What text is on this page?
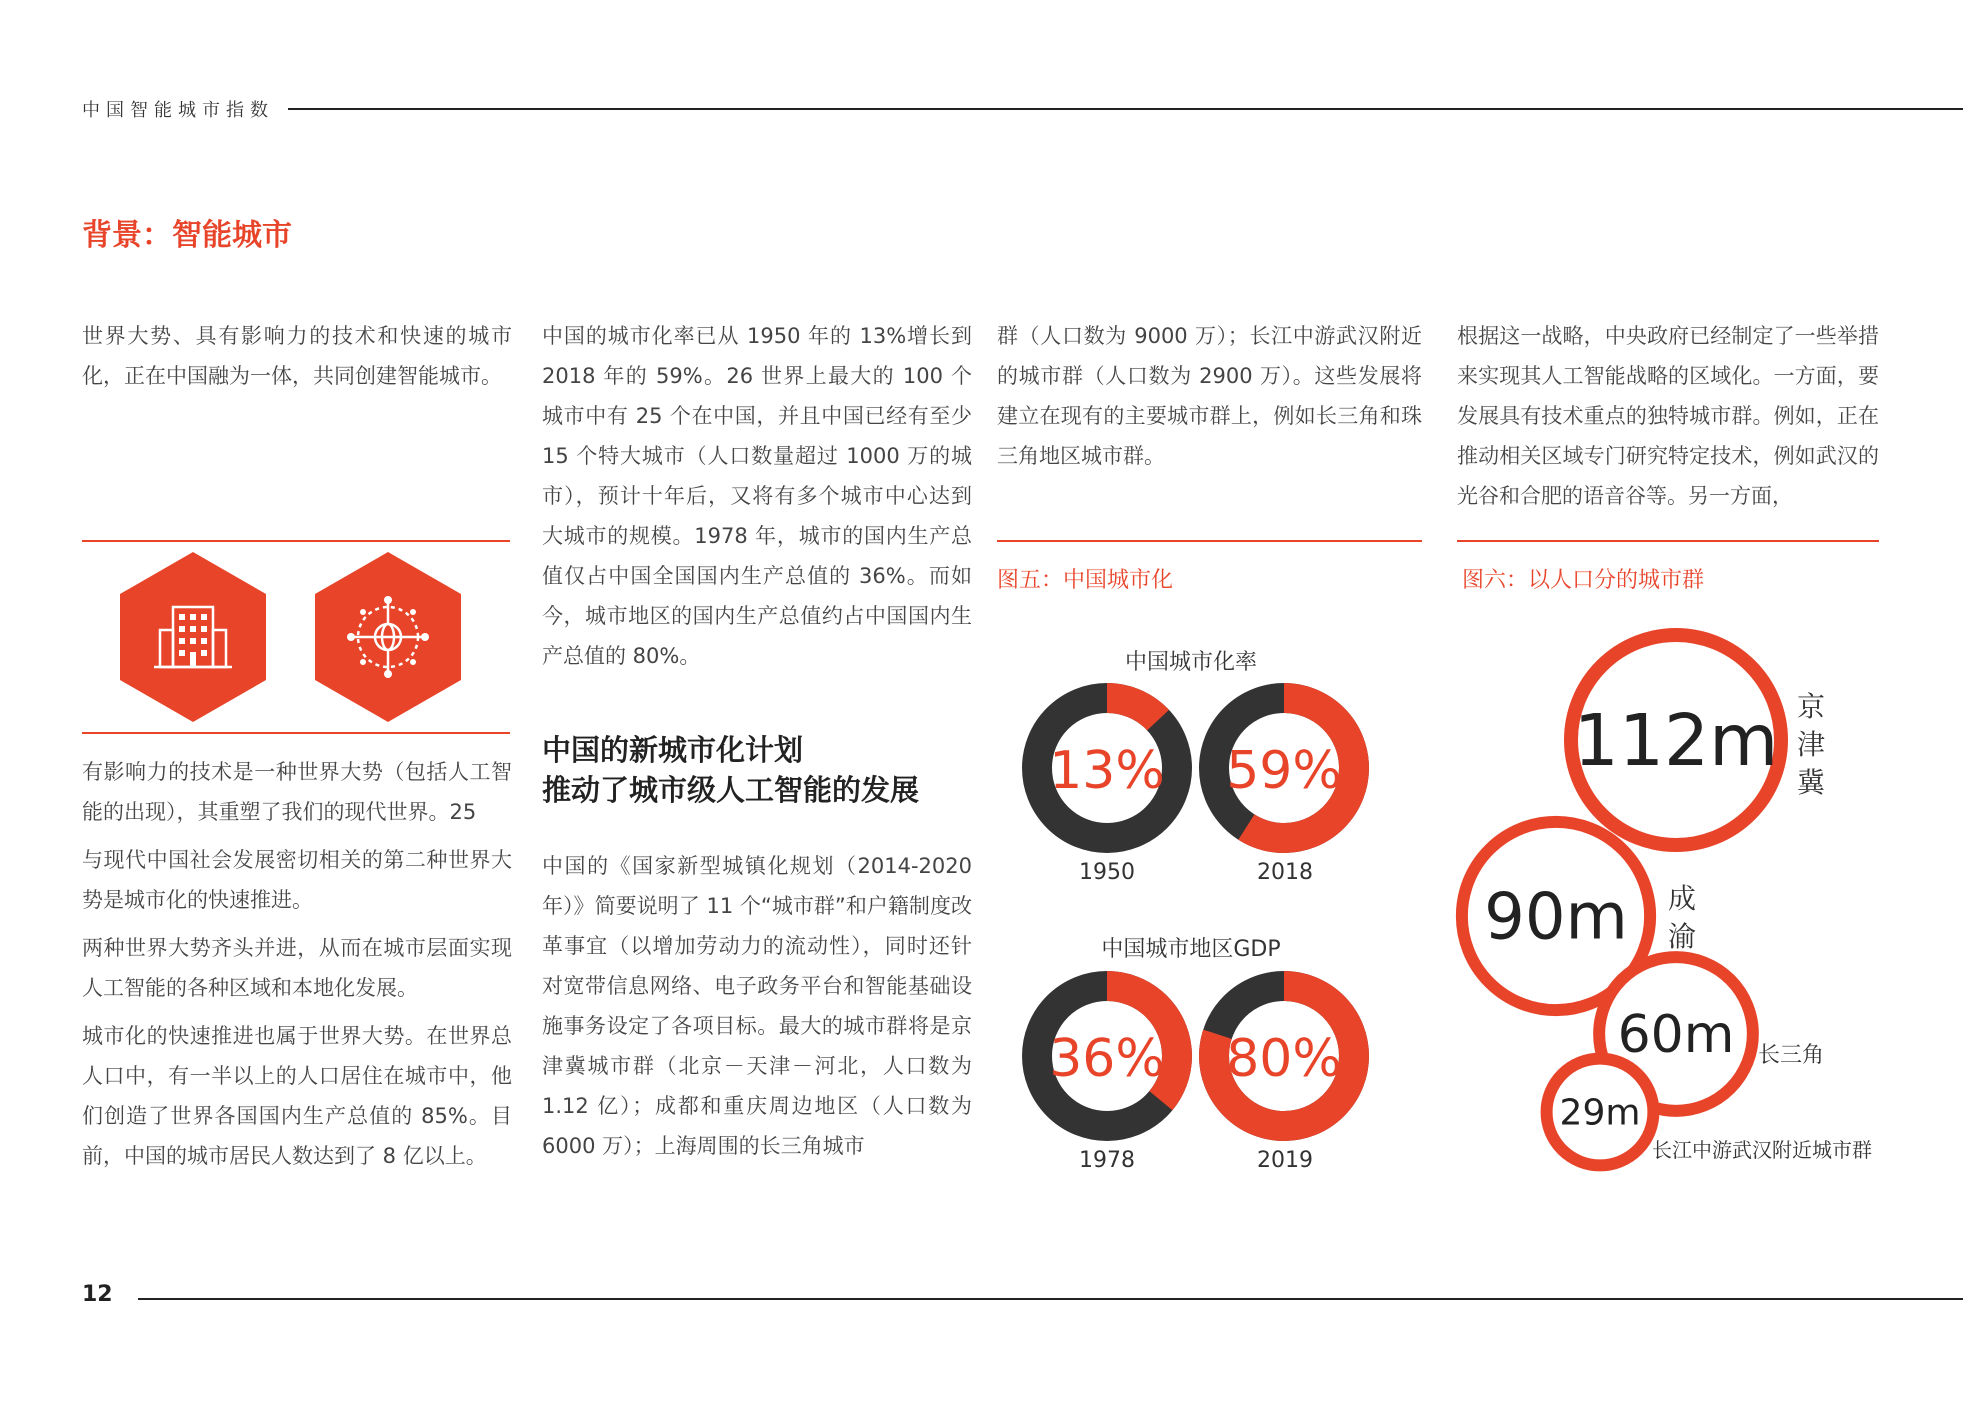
中国智能城市指数
背景：智能城市

世界大势、具有影响力的技术和快速的城市化，正在中国融为一体，共同创建智能城市。

有影响力的技术是一种世界大势（包括人工智能的出现），其重塑了我们的现代世界。25

与现代中国社会发展密切相关的第二种世界大势是城市化的快速推进。

两种世界大势齐头并进，从而在城市层面实现人工智能的各种区域和本地化发展。

城市化的快速推进也属于世界大势。在世界总人口中，有一半以上的人口居住在城市中，他们创造了世界各国国内生产总值的 85%。目前，中国的城市居民人数达到了 8 亿以上。

中国的城市化率已从 1950 年的 13%增长到 2018 年的 59%。26 世界上最大的 100 个城市中有 25 个在中国，并且中国已经有至少 15 个特大城市（人口数量超过 1000 万的城市），预计十年后，又将有多个城市中心达到大城市的规模。1978 年，城市的国内生产总值仅占中国全国国内生产总值的 36%。而如今，城市地区的国内生产总值约占中国国内生产总值的 80%。

中国的新城市化计划
推动了城市级人工智能的发展

中国的《国家新型城镇化规划（2014-2020年）》简要说明了 11 个“城市群”和户籍制度改革事宜（以增加劳动力的流动性），同时还针对宽带信息网络、电子政务平台和智能基础设施事务设定了各项目标。最大的城市群将是京津冀城市群（北京－天津－河北，人口数为 1.12 亿）；成都和重庆周边地区（人口数为 6000 万）；上海周围的长三角城市

群（人口数为 9000 万）；长江中游武汉附近的城市群（人口数为 2900 万）。这些发展将建立在现有的主要城市群上，例如长三角和珠三角地区城市群。

图五：中国城市化
中国城市化率
中国城市地区GDP
13% 59%
36% 80%
1950	2018
1978	2019

根据这一战略，中央政府已经制定了一些举措来实现其人工智能战略的区域化。一方面，要发展具有技术重点的独特城市群。例如，正在推动相关区域专门研究特定技术，例如武汉的光谷和合肥的语音谷等。另一方面，

图六：以人口分的城市群
112m
90m
60m
29m
京津冀
成渝
长三角
长江中游武汉附近城市群
12
